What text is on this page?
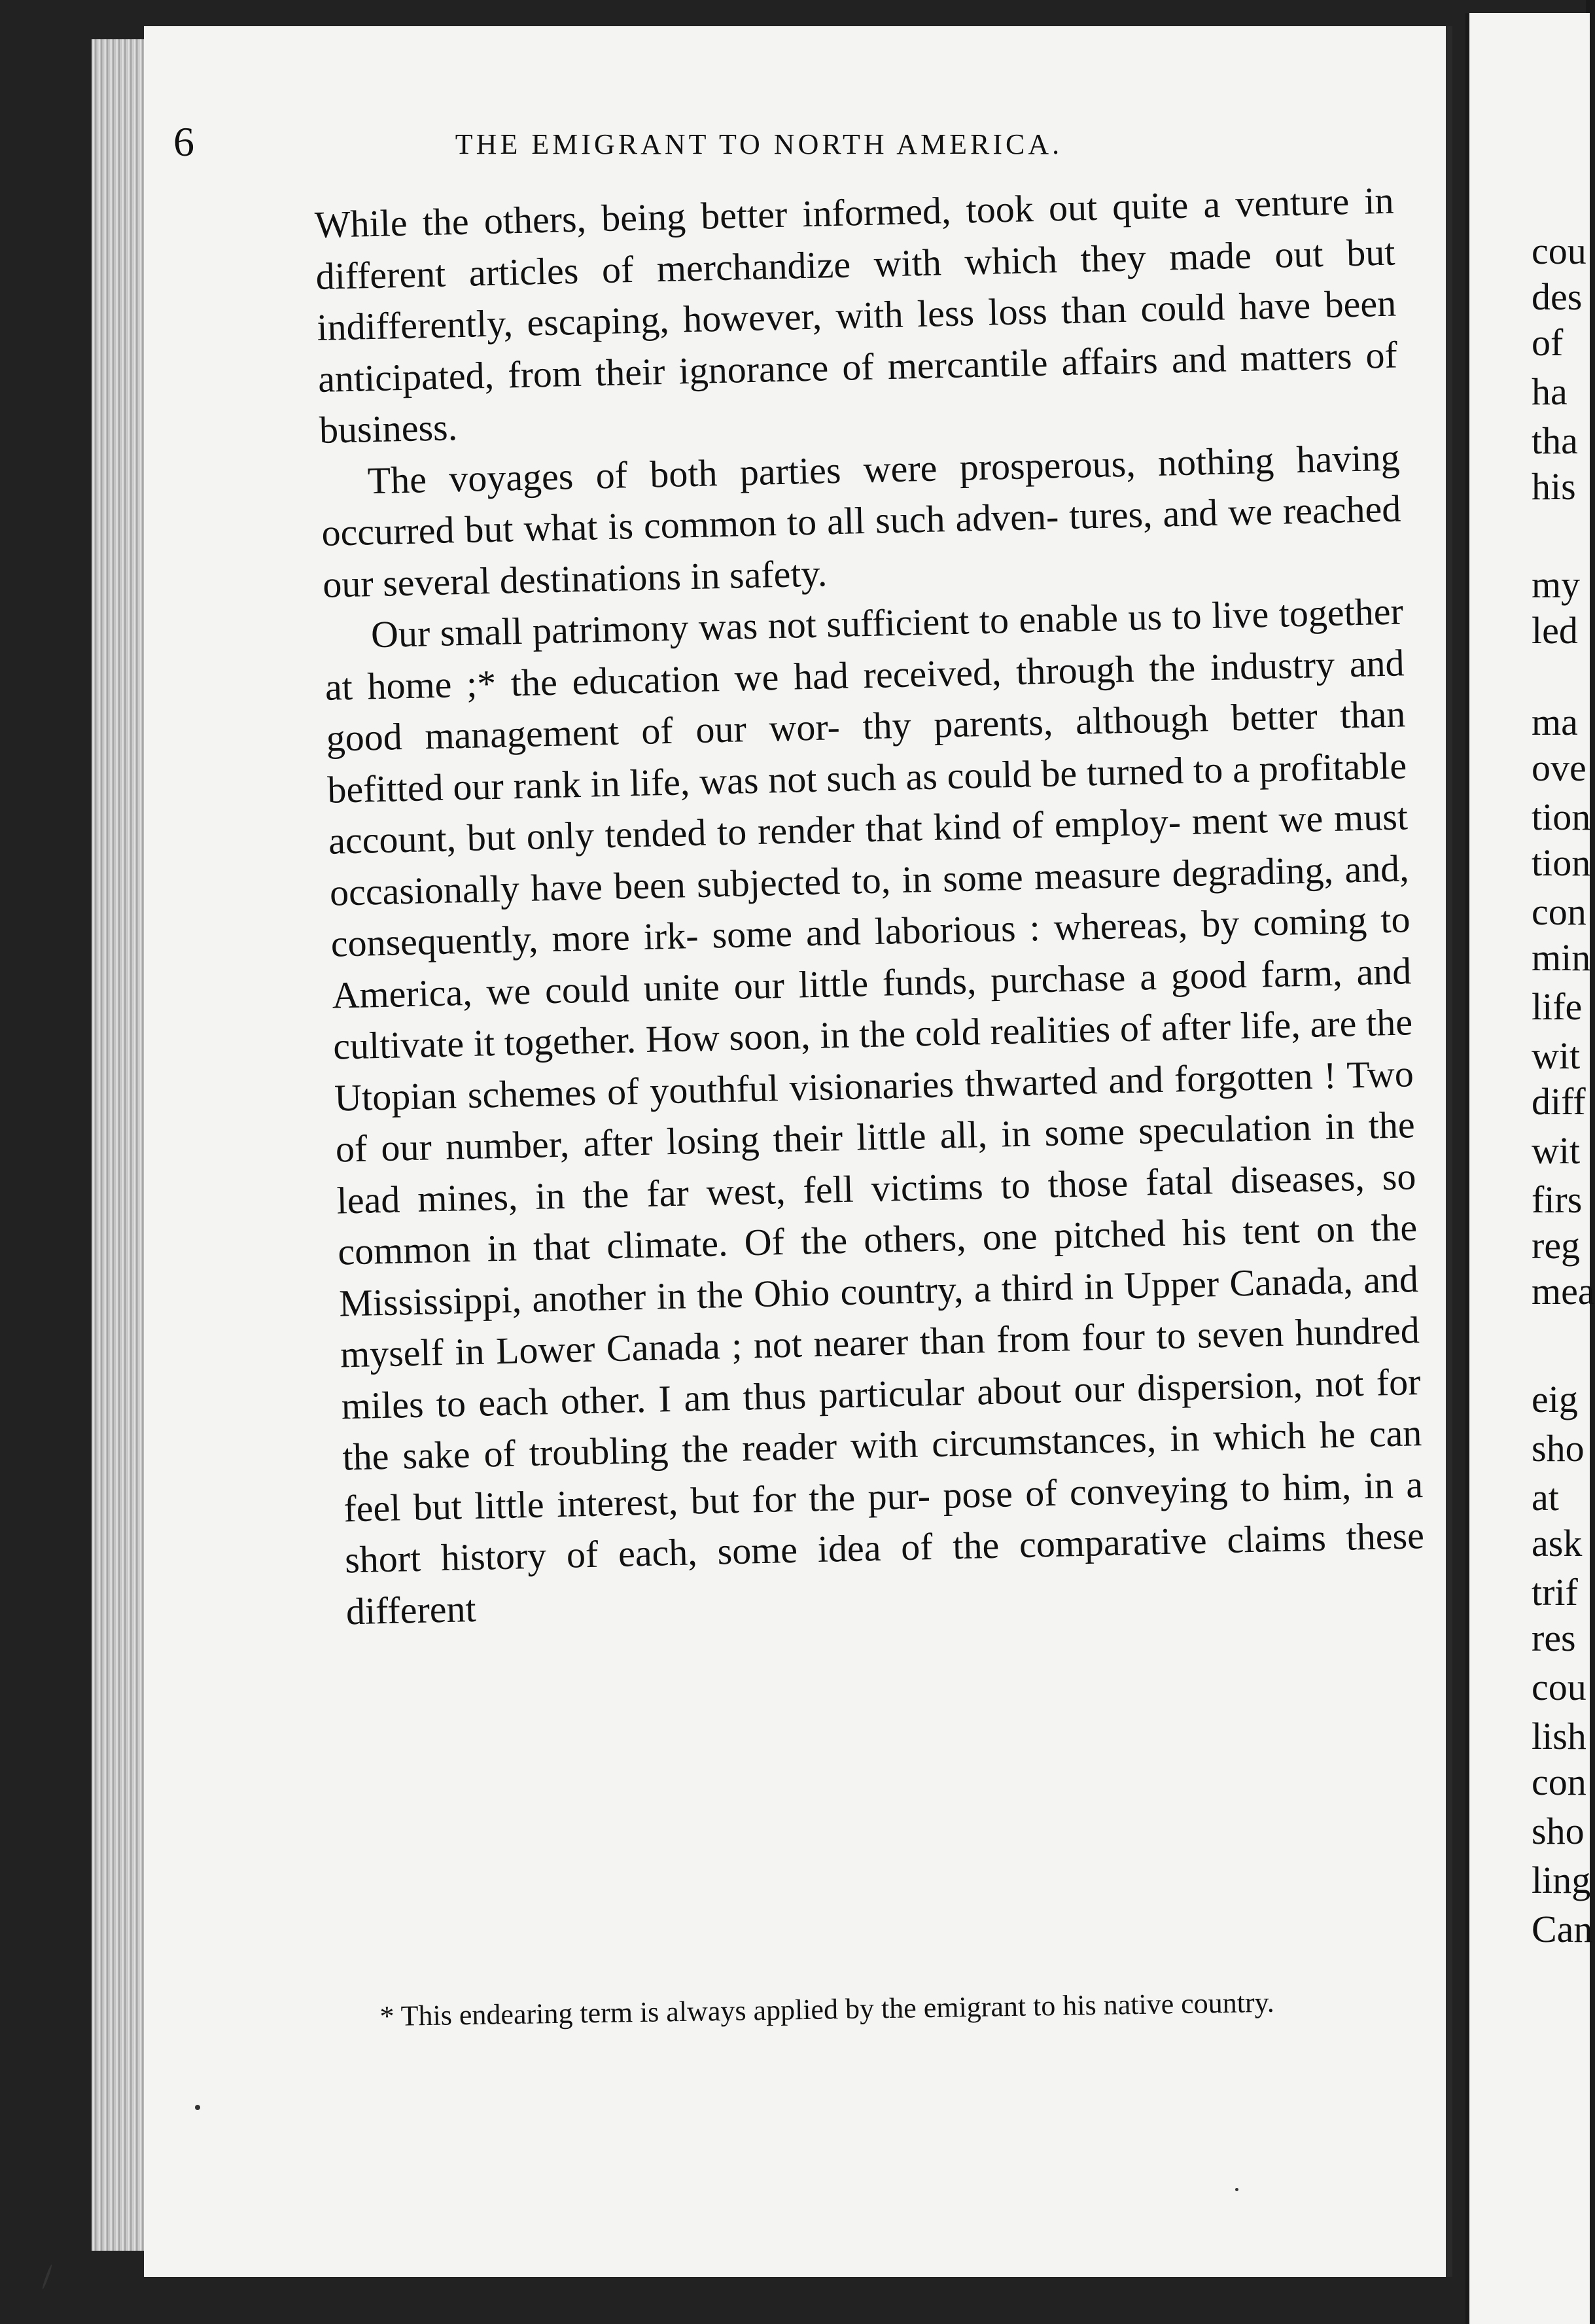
6	THE EMIGRANT TO NORTH AMERICA.

While the others, being better informed, took out quite a venture in different articles of merchandize with which they made out but indifferently, escaping, however, with less loss than could have been anticipated, from their ignorance of mercantile affairs and matters of business.

The voyages of both parties were prosperous, nothing having occurred but what is common to all such adven- tures, and we reached our several destinations in safety.

Our small patrimony was not sufficient to enable us to live together at home ;* the education we had received, through the industry and good management of our wor- thy parents, although better than befitted our rank in life, was not such as could be turned to a profitable account, but only tended to render that kind of employ- ment we must occasionally have been subjected to, in some measure degrading, and, consequently, more irk- some and laborious : whereas, by coming to America, we could unite our little funds, purchase a good farm, and cultivate it together. How soon, in the cold realities of after life, are the Utopian schemes of youthful visionaries thwarted and forgotten ! Two of our number, after losing their little all, in some speculation in the lead mines, in the far west, fell victims to those fatal diseases, so common in that climate. Of the others, one pitched his tent on the Mississippi, another in the Ohio country, a third in Upper Canada, and myself in Lower Canada ; not nearer than from four to seven hundred miles to each other. I am thus particular about our dispersion, not for the sake of troubling the reader with circumstances, in which he can feel but little interest, but for the pur- pose of conveying to him, in a short history of each, some idea of the comparative claims these different

* This endearing term is always applied by the emigrant to his native country.
cou
des
of
ha
tha
his
my
led
ma
ove
tion
tion
con
min
life
wit
diff
wit
firs
reg
mea
eig
sho
at
ask
trif
res
cou
lish
con
sho
ling
Can
